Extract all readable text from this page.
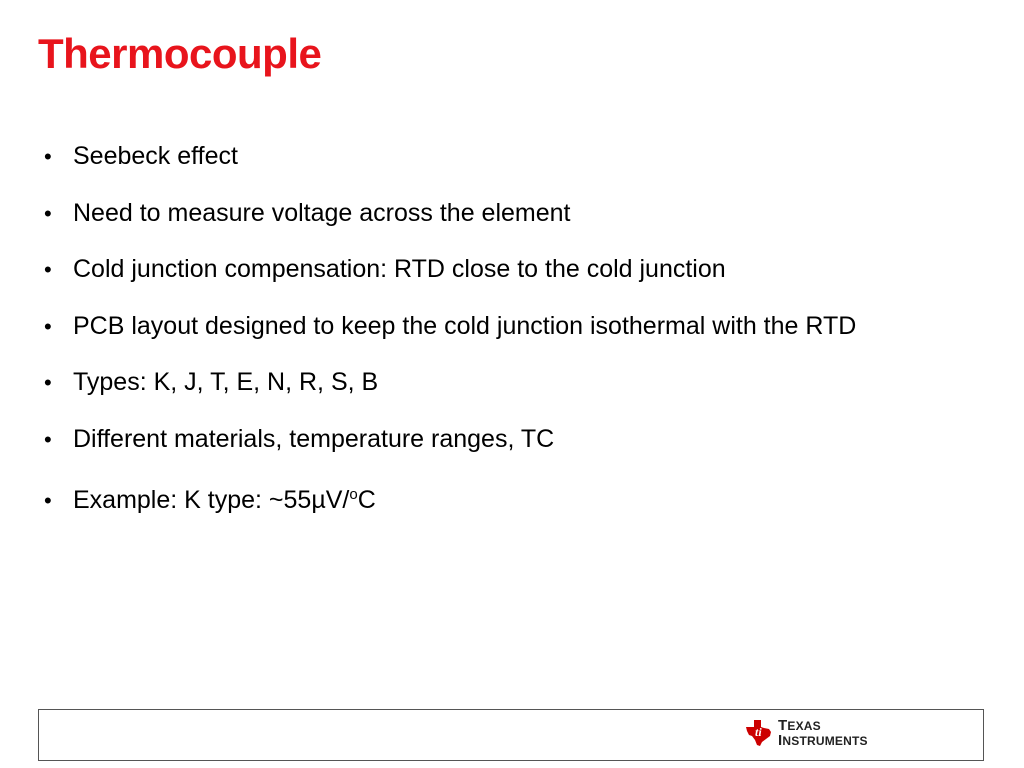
Thermocouple
• Seebeck effect
• Need to measure voltage across the element
• Cold junction compensation: RTD close to the cold junction
• PCB layout designed to keep the cold junction isothermal with the RTD
• Types: K, J, T, E, N, R, S, B
• Different materials, temperature ranges, TC
• Example: K type: ~55µV/$^o$C
ti TEXAS
INSTRUMENTS
